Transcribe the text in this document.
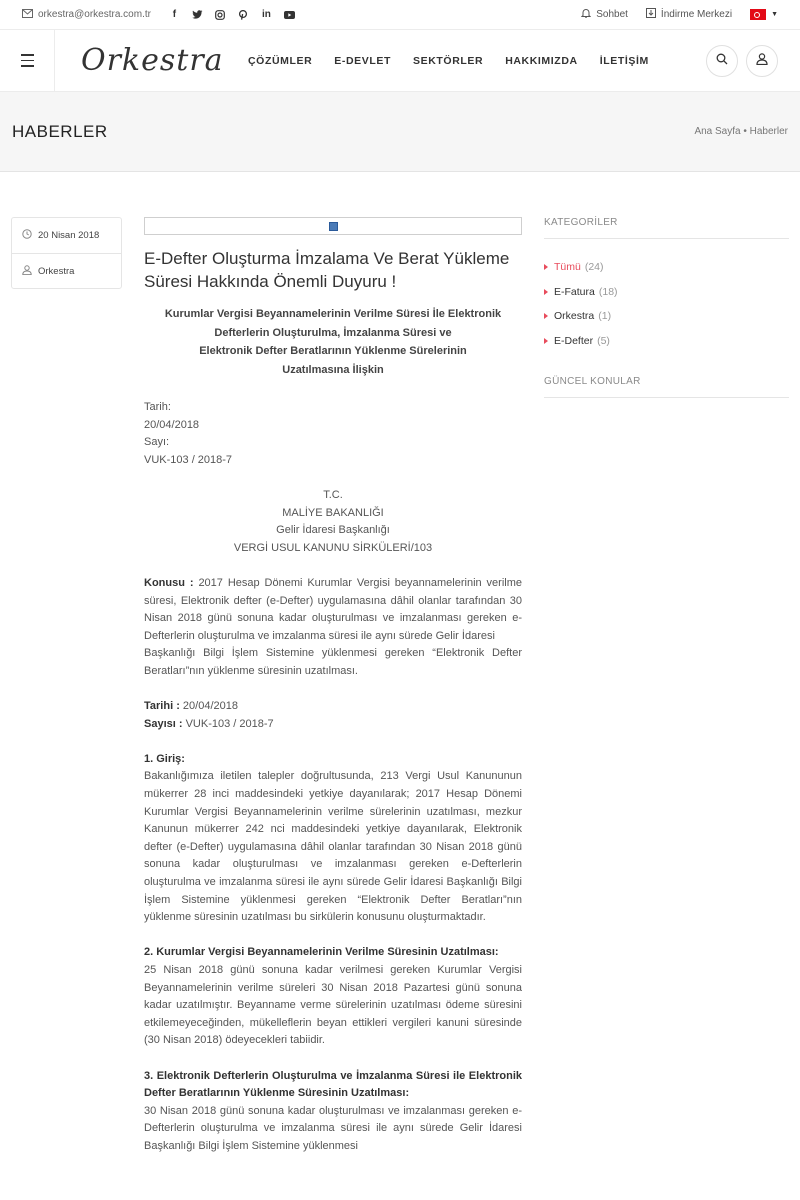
orkestra@orkestra.com.tr	f	in	Sohbet	İndirme Merkezi	▼
Orkestra ÇÖZÜMLER E-DEVLET SEKTÖRLER HAKKIMIZDA İLETİŞİM
HABERLER	Ana Sayfa • Haberler
20 Nisan 2018
Orkestra
E-Defter Oluşturma İmzalama Ve Berat Yükleme Süresi Hakkında Önemli Duyuru !
Kurumlar Vergisi Beyannamelerinin Verilme Süresi İle Elektronik
Defterlerin Oluşturulma, İmzalanma Süresi ve
Elektronik Defter Beratlarının Yüklenme Sürelerinin
Uzatılmasına İlişkin

Tarih:

20/04/2018

Sayı:

VUK-103 / 2018-7

T.C.

MALİYE BAKANLIĞI

Gelir İdaresi Başkanlığı

VERGİ USUL KANUNU SİRKÜLERİ/103

Konusu : 2017 Hesap Dönemi Kurumlar Vergisi beyannamelerinin verilme süresi, Elektronik defter (e-Defter) uygulamasına dâhil olanlar tarafından 30 Nisan 2018 günü sonuna kadar oluşturulması ve imzalanması gereken e-Defterlerin oluşturulma ve imzalanma süresi ile aynı sürede Gelir İdaresi

Başkanlığı Bilgi İşlem Sistemine yüklenmesi gereken “Elektronik Defter Beratları”nın yüklenme süresinin uzatılması.

Tarihi : 20/04/2018

Sayısı : VUK-103 / 2018-7

1. Giriş:

Bakanlığımıza iletilen talepler doğrultusunda, 213 Vergi Usul Kanununun mükerrer 28 inci maddesindeki yetkiye dayanılarak; 2017 Hesap Dönemi Kurumlar Vergisi Beyannamelerinin verilme sürelerinin uzatılması, mezkur Kanunun mükerrer 242 nci maddesindeki yetkiye dayanılarak, Elektronik defter (e-Defter) uygulamasına dâhil olanlar tarafından 30 Nisan 2018 günü sonuna kadar oluşturulması ve imzalanması gereken e-Defterlerin oluşturulma ve imzalanma süresi ile aynı sürede Gelir İdaresi Başkanlığı Bilgi İşlem Sistemine yüklenmesi gereken “Elektronik Defter Beratları”nın yüklenme süresinin uzatılması bu sirkülerin konusunu oluşturmaktadır.

2. Kurumlar Vergisi Beyannamelerinin Verilme Süresinin Uzatılması:

25 Nisan 2018 günü sonuna kadar verilmesi gereken Kurumlar Vergisi Beyannamelerinin verilme süreleri 30 Nisan 2018 Pazartesi günü sonuna kadar uzatılmıştır. Beyanname verme sürelerinin uzatılması ödeme süresini etkilemeyeceğinden, mükelleflerin beyan ettikleri vergileri kanuni süresinde (30 Nisan 2018) ödeyecekleri tabiidir.

3. Elektronik Defterlerin Oluşturulma ve İmzalanma Süresi ile Elektronik Defter Beratlarının Yüklenme Süresinin Uzatılması:

30 Nisan 2018 günü sonuna kadar oluşturulması ve imzalanması gereken e-Defterlerin oluşturulma ve imzalanma süresi ile aynı sürede Gelir İdaresi Başkanlığı Bilgi İşlem Sistemine yüklenmesi

KATEGORİLER
Tümü (24)
E-Fatura (18)
Orkestra (1)
E-Defter (5)
GÜNCEL KONULAR
